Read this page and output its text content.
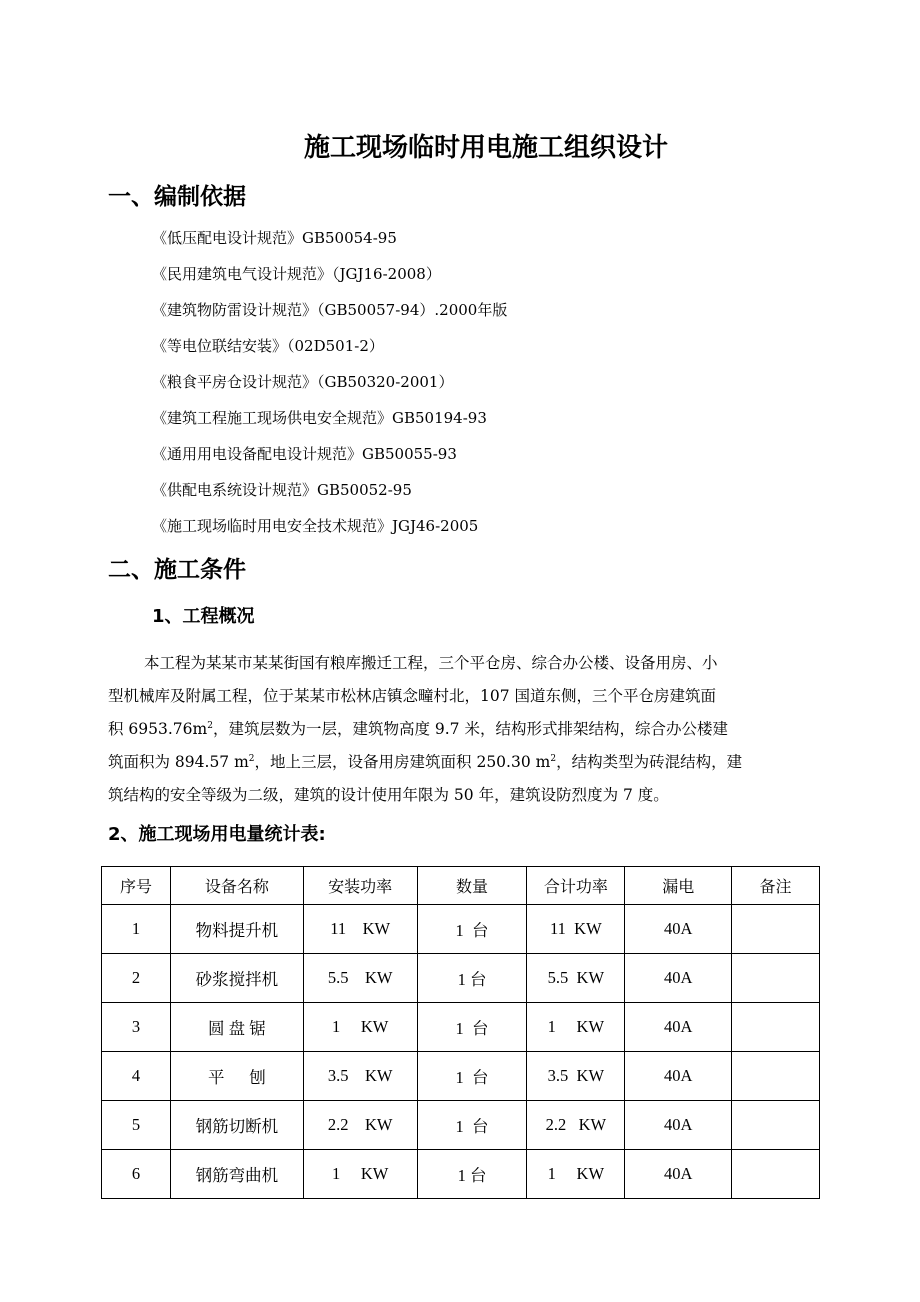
施工现场临时用电施工组织设计
一、编制依据
《低压配电设计规范》GB50054-95
《民用建筑电气设计规范》（JGJ16-2008）
《建筑物防雷设计规范》（GB50057-94）.2000年版
《等电位联结安装》（02D501-2）
《粮食平房仓设计规范》（GB50320-2001）
《建筑工程施工现场供电安全规范》GB50194-93
《通用用电设备配电设计规范》GB50055-93
《供配电系统设计规范》GB50052-95
《施工现场临时用电安全技术规范》JGJ46-2005
二、施工条件
1、工程概况

本工程为某某市某某街国有粮库搬迁工程，三个平仓房、综合办公楼、设备用房、小

型机械库及附属工程，位于某某市松林店镇念疃村北，107 国道东侧，三个平仓房建筑面

积 $6953.76m^2$，建筑层数为一层，建筑物高度 9.7 米，结构形式排架结构，综合办公楼建

筑面积为 894.57 $m^2$，地上三层，设备用房建筑面积 250.30 $m^2$，结构类型为砖混结构，建

筑结构的安全等级为二级，建筑的设计使用年限为 50 年，建筑设防烈度为 7 度。

2、施工现场用电量统计表:
序号	设备名称	安装功率	数量	合计功率	漏电	备注
1	物料提升机	11    KW	1  台	11  KW	40A	
2	砂浆搅拌机	5.5    KW	1 台	5.5  KW	40A	
3	圆 盘 锯	1     KW	1  台	1     KW	40A	
4	平      刨	3.5    KW	1  台	3.5  KW	40A	
5	钢筋切断机	2.2    KW	1  台	2.2   KW	40A	
6	钢筋弯曲机	1     KW	1 台	1     KW	40A	
